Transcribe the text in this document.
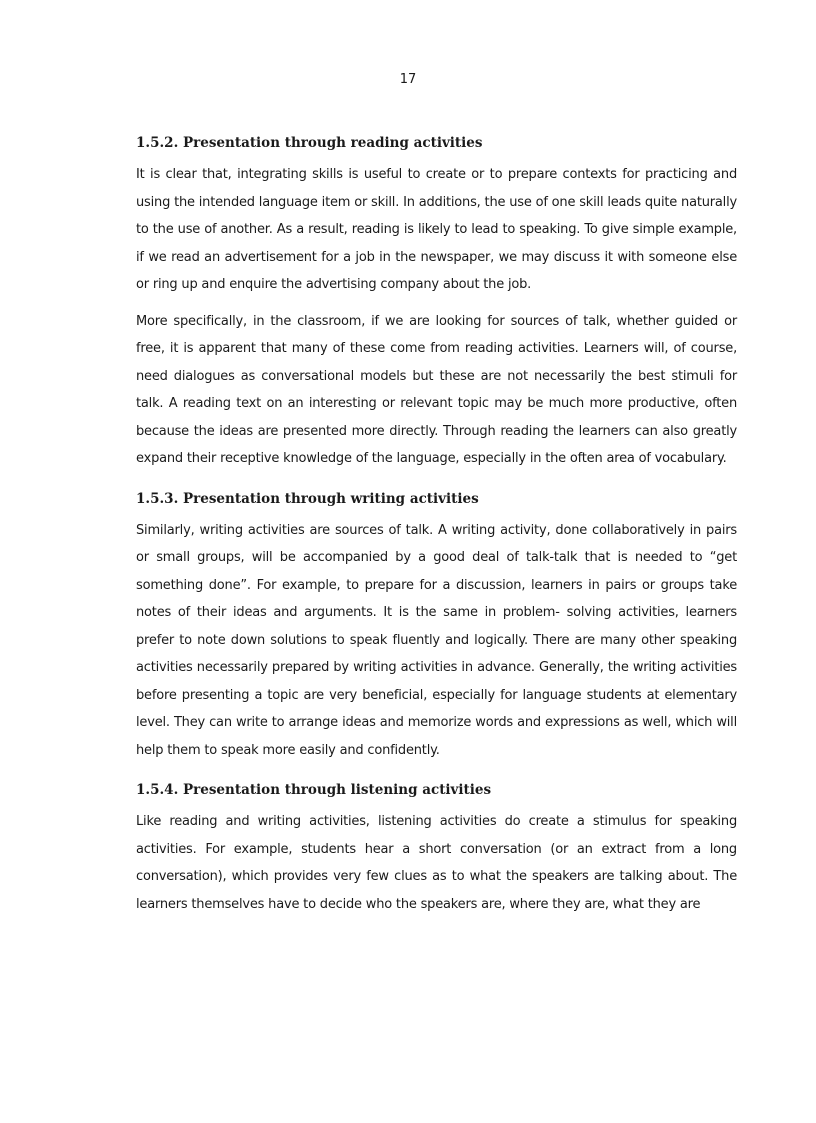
17
1.5.2. Presentation through reading activities

It is clear that, integrating skills is useful to create or to prepare contexts for practicing and using the intended language item or skill. In additions, the use of one skill leads quite naturally to the use of another. As a result, reading is likely to lead to speaking. To give simple example, if we read an advertisement for a job in the newspaper, we may discuss it with someone else or ring up and enquire the advertising company about the job.

More specifically, in the classroom, if we are looking for sources of talk, whether guided or free, it is apparent that many of these come from reading activities. Learners will, of course, need dialogues as conversational models but these are not necessarily the best stimuli for talk. A reading text on an interesting or relevant topic may be much more productive, often because the ideas are presented more directly. Through reading the learners can also greatly expand their receptive knowledge of the language, especially in the often area of vocabulary.

1.5.3. Presentation through writing activities

Similarly, writing activities are sources of talk. A writing activity, done collaboratively in pairs or small groups, will be accompanied by a good deal of talk-talk that is needed to “get something done”. For example, to prepare for a discussion, learners in pairs or groups take notes of their ideas and arguments. It is the same in problem- solving activities, learners prefer to note down solutions to speak fluently and logically. There are many other speaking activities necessarily prepared by writing activities in advance. Generally, the writing activities before presenting a topic are very beneficial, especially for language students at elementary level. They can write to arrange ideas and memorize words and expressions as well, which will help them to speak more easily and confidently.

1.5.4. Presentation through listening activities

Like reading and writing activities, listening activities do create a stimulus for speaking activities. For example, students hear a short conversation (or an extract from a long conversation), which provides very few clues as to what the speakers are talking about. The learners themselves have to decide who the speakers are, where they are, what they are
